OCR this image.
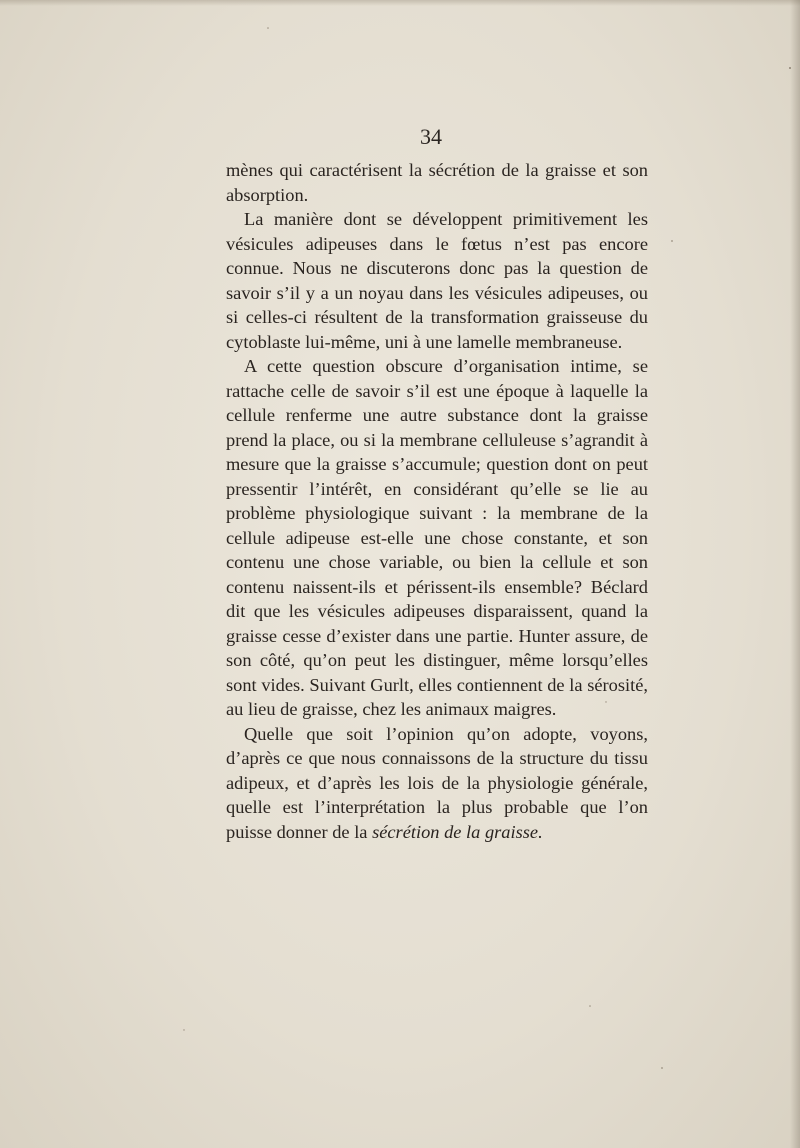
34

mènes qui caractérisent la sécrétion de la graisse et son absorption.

La manière dont se développent primitivement les vésicules adipeuses dans le fœtus n’est pas encore connue. Nous ne discuterons donc pas la question de savoir s’il y a un noyau dans les vésicules adipeuses, ou si celles-ci résultent de la transformation graisseuse du cytoblaste lui-même, uni à une lamelle membraneuse.

A cette question obscure d’organisation intime, se rattache celle de savoir s’il est une époque à laquelle la cellule renferme une autre substance dont la graisse prend la place, ou si la membrane celluleuse s’agrandit à mesure que la graisse s’accumule; question dont on peut pressentir l’intérêt, en considérant qu’elle se lie au problème physiologique suivant : la membrane de la cellule adipeuse est-elle une chose constante, et son contenu une chose variable, ou bien la cellule et son contenu naissent-ils et périssent-ils ensemble? Béclard dit que les vésicules adipeuses disparaissent, quand la graisse cesse d’exister dans une partie. Hunter assure, de son côté, qu’on peut les distinguer, même lorsqu’elles sont vides. Suivant Gurlt, elles contiennent de la sérosité, au lieu de graisse, chez les animaux maigres.

Quelle que soit l’opinion qu’on adopte, voyons, d’après ce que nous connaissons de la structure du tissu adipeux, et d’après les lois de la physiologie générale, quelle est l’interprétation la plus probable que l’on puisse donner de la sécrétion de la graisse.
